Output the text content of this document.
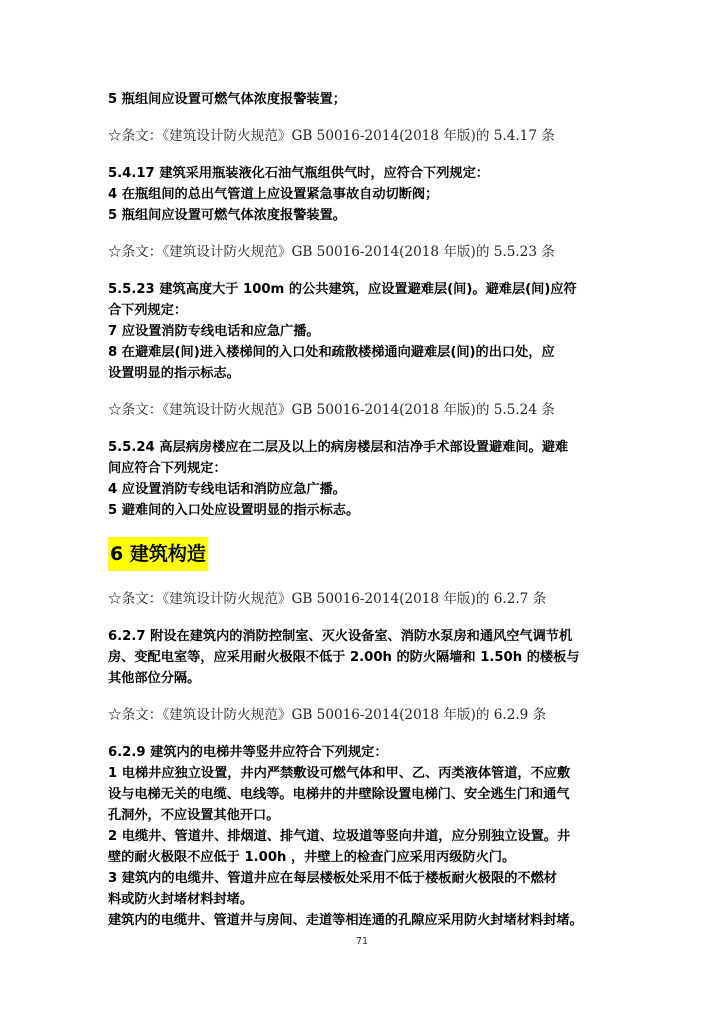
5 瓶组间应设置可燃气体浓度报警装置；
☆条文：《建筑设计防火规范》GB 50016-2014(2018 年版)的 5.4.17 条
5.4.17 建筑采用瓶装液化石油气瓶组供气时，应符合下列规定：
4 在瓶组间的总出气管道上应设置紧急事故自动切断阀；
5 瓶组间应设置可燃气体浓度报警装置。
☆条文：《建筑设计防火规范》GB 50016-2014(2018 年版)的 5.5.23 条
5.5.23 建筑高度大于 100m 的公共建筑，应设置避难层(间)。避难层(间)应符
合下列规定：
7 应设置消防专线电话和应急广播。
8 在避难层(间)进入楼梯间的入口处和疏散楼梯通向避难层(间)的出口处，应
设置明显的指示标志。
☆条文：《建筑设计防火规范》GB 50016-2014(2018 年版)的 5.5.24 条
5.5.24 高层病房楼应在二层及以上的病房楼层和洁净手术部设置避难间。避难
间应符合下列规定：
4 应设置消防专线电话和消防应急广播。
5 避难间的入口处应设置明显的指示标志。
6 建筑构造
☆条文：《建筑设计防火规范》GB 50016-2014(2018 年版)的 6.2.7 条
6.2.7 附设在建筑内的消防控制室、灭火设备室、消防水泵房和通风空气调节机
房、变配电室等，应采用耐火极限不低于 2.00h 的防火隔墙和 1.50h 的楼板与
其他部位分隔。
☆条文：《建筑设计防火规范》GB 50016-2014(2018 年版)的 6.2.9 条
6.2.9 建筑内的电梯井等竖井应符合下列规定：
1 电梯井应独立设置，井内严禁敷设可燃气体和甲、乙、丙类液体管道，不应敷
设与电梯无关的电缆、电线等。电梯井的井壁除设置电梯门、安全逃生门和通气
孔洞外，不应设置其他开口。
2 电缆井、管道井、排烟道、排气道、垃圾道等竖向井道，应分别独立设置。井
壁的耐火极限不应低于 1.00h ，井壁上的检查门应采用丙级防火门。
3 建筑内的电缆井、管道井应在每层楼板处采用不低于楼板耐火极限的不燃材
料或防火封堵材料封堵。
建筑内的电缆井、管道井与房间、走道等相连通的孔隙应采用防火封堵材料封堵。
71
